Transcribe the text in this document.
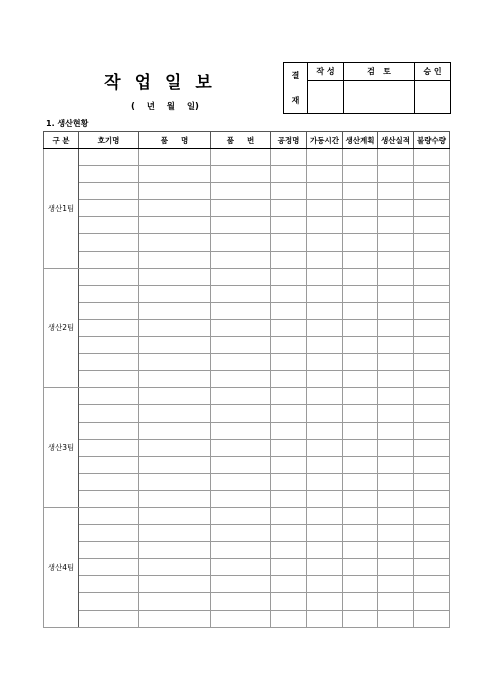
작업일보
(    년    월    일)
결
재	작 성	검   토	승 인

1. 생산현황
구 분	호기명	품     명	품     번	공정명	가동시간	생산계획	생산실적	불량수량
생산1팀								

생산2팀								

생산3팀								

생산4팀								
